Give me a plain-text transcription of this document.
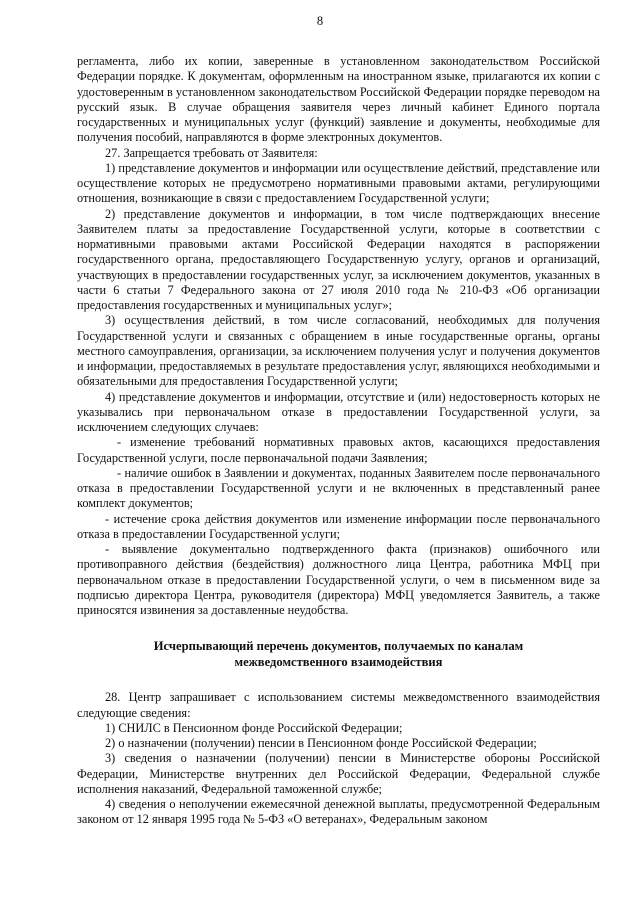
8

регламента, либо их копии, заверенные в установленном законодательством Российской Федерации порядке. К документам, оформленным на иностранном языке, прилагаются их копии с удостоверенным в установленном законодательством Российской Федерации порядке переводом на русский язык. В случае обращения заявителя через личный кабинет Единого портала государственных и муниципальных услуг (функций) заявление и документы, необходимые для получения пособий, направляются в форме электронных документов.

27. Запрещается требовать от Заявителя:

1) представление документов и информации или осуществление действий, представление или осуществление которых не предусмотрено нормативными правовыми актами, регулирующими отношения, возникающие в связи с предоставлением Государственной услуги;

2) представление документов и информации, в том числе подтверждающих внесение Заявителем платы за предоставление Государственной услуги, которые в соответствии с нормативными правовыми актами Российской Федерации находятся в распоряжении государственного органа, предоставляющего Государственную услугу, органов и организаций, участвующих в предоставлении государственных услуг, за исключением документов, указанных в части 6 статьи 7 Федерального закона от 27 июля 2010 года № 210-ФЗ «Об организации предоставления государственных и муниципальных услуг»;

3) осуществления действий, в том числе согласований, необходимых для получения Государственной услуги и связанных с обращением в иные государственные органы, органы местного самоуправления, организации, за исключением получения услуг и получения документов и информации, предоставляемых в результате предоставления услуг, являющихся необходимыми и обязательными для предоставления Государственной услуги;

4) представление документов и информации, отсутствие и (или) недостоверность которых не указывались при первоначальном отказе в предоставлении Государственной услуги, за исключением следующих случаев:

- изменение требований нормативных правовых актов, касающихся предоставления Государственной услуги, после первоначальной подачи Заявления;

- наличие ошибок в Заявлении и документах, поданных Заявителем после первоначального отказа в предоставлении Государственной услуги и не включенных в представленный ранее комплект документов;

- истечение срока действия документов или изменение информации после первоначального отказа в предоставлении Государственной услуги;

- выявление документально подтвержденного факта (признаков) ошибочного или противоправного действия (бездействия) должностного лица Центра, работника МФЦ при первоначальном отказе в предоставлении Государственной услуги, о чем в письменном виде за подписью директора Центра, руководителя (директора) МФЦ уведомляется Заявитель, а также приносятся извинения за доставленные неудобства.

Исчерпывающий перечень документов, получаемых по каналам межведомственного взаимодействия

28. Центр запрашивает с использованием системы межведомственного взаимодействия следующие сведения:

1) СНИЛС в Пенсионном фонде Российской Федерации;

2) о назначении (получении) пенсии в Пенсионном фонде Российской Федерации;

3) сведения о назначении (получении) пенсии в Министерстве обороны Российской Федерации, Министерстве внутренних дел Российской Федерации, Федеральной службе исполнения наказаний, Федеральной таможенной службе;

4) сведения о неполучении ежемесячной денежной выплаты, предусмотренной Федеральным законом от 12 января 1995 года № 5-ФЗ «О ветеранах», Федеральным законом
